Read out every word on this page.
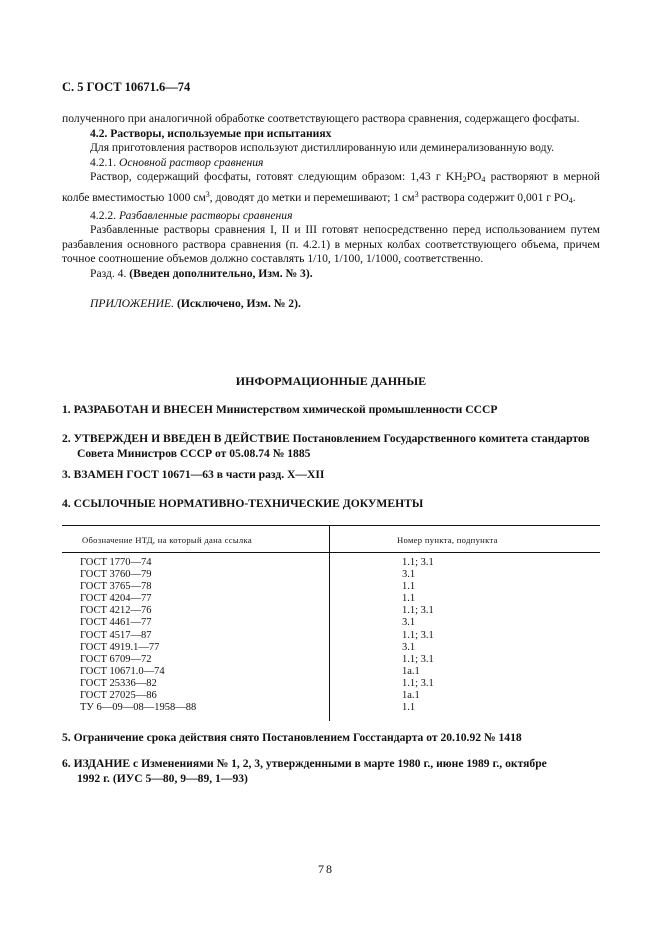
С. 5 ГОСТ 10671.6—74

полученного при аналогичной обработке соответствующего раствора сравнения, содержащего фосфаты.

4.2. Растворы, используемые при испытаниях

Для приготовления растворов используют дистиллированную или деминерализованную воду.

4.2.1. Основной раствор сравнения

Раствор, содержащий фосфаты, готовят следующим образом: 1,43 г $KH_2PO_4$ растворяют в мерной колбе вместимостью 1000 $см^3$, доводят до метки и перемешивают; 1 $см^3$ раствора содержит 0,001 г $PO_4$.

4.2.2. Разбавленные растворы сравнения

Разбавленные растворы сравнения I, II и III готовят непосредственно перед использованием путем разбавления основного раствора сравнения (п. 4.2.1) в мерных колбах соответствующего объема, причем точное соотношение объемов должно составлять 1/10, 1/100, 1/1000, соответственно.

Разд. 4. (Введен дополнительно, Изм. № 3).

ПРИЛОЖЕНИЕ. (Исключено, Изм. № 2).

ИНФОРМАЦИОННЫЕ ДАННЫЕ
1. РАЗРАБОТАН И ВНЕСЕН Министерством химической промышленности СССР
2. УТВЕРЖДЕН И ВВЕДЕН В ДЕЙСТВИЕ Постановлением Государственного комитета стандартов
Совета Министров СССР от 05.08.74 № 1885
3. ВЗАМЕН ГОСТ 10671—63 в части разд. X—XII
4. ССЫЛОЧНЫЕ НОРМАТИВНО-ТЕХНИЧЕСКИЕ ДОКУМЕНТЫ
Обозначение НТД, на который дана ссылка	Номер пункта, подпункта
ГОСТ 1770—74
ГОСТ 3760—79
ГОСТ 3765—78
ГОСТ 4204—77
ГОСТ 4212—76
ГОСТ 4461—77
ГОСТ 4517—87
ГОСТ 4919.1—77
ГОСТ 6709—72
ГОСТ 10671.0—74
ГОСТ 25336—82
ГОСТ 27025—86
ТУ 6—09—08—1958—88
1.1; 3.1
3.1
1.1
1.1
1.1; 3.1
3.1
1.1; 3.1
3.1
1.1; 3.1
1а.1
1.1; 3.1
1а.1
1.1
5. Ограничение срока действия снято Постановлением Госстандарта от 20.10.92 № 1418
6. ИЗДАНИЕ с Изменениями № 1, 2, 3, утвержденными в марте 1980 г., июне 1989 г., октябре
1992 г. (ИУС 5—80, 9—89, 1—93)
78
